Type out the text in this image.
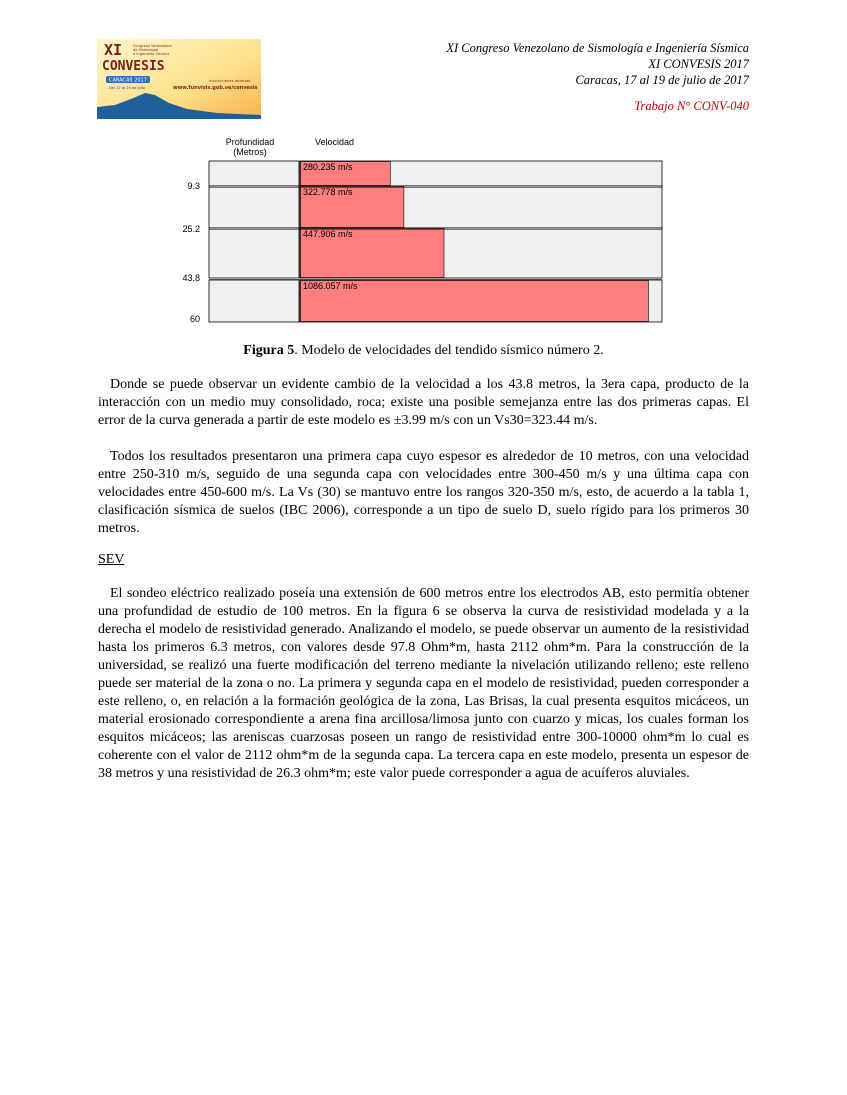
XI
CONVESIS
Congreso Venezolano
de Sismología
e Ingeniería Sísmica
CARACAS 2017
Del 17 al 19 de julio
inscripciones abiertas
www.funvisis.gob.ve/convesis
XI Congreso Venezolano de Sismología e Ingeniería Sísmica
XI CONVESIS 2017
Caracas, 17 al 19 de julio de 2017
Trabajo N° CONV-040
Profundidad
(Metros)
Velocidad
280.235 m/s
322.778 m/s
447.906 m/s
1086.057 m/s
9.3
25.2
43.8
60
Figura 5. Modelo de velocidades del tendido sísmico número 2.

Donde se puede observar un evidente cambio de la velocidad a los 43.8 metros, la 3era capa, producto de la interacción con un medio muy consolidado, roca; existe una posible semejanza entre las dos primeras capas. El error de la curva generada a partir de este modelo es ±3.99 m/s con un Vs30=323.44 m/s.

Todos los resultados presentaron una primera capa cuyo espesor es alrededor de 10 metros, con una velocidad entre 250-310 m/s, seguido de una segunda capa con velocidades entre 300-450 m/s y una última capa con velocidades entre 450-600 m/s. La Vs (30) se mantuvo entre los rangos 320-350 m/s, esto, de acuerdo a la tabla 1, clasificación sísmica de suelos (IBC 2006), corresponde a un tipo de suelo D, suelo rígido para los primeros 30 metros.

SEV

El sondeo eléctrico realizado poseía una extensión de 600 metros entre los electrodos AB, esto permitía obtener una profundidad de estudio de 100 metros. En la figura 6 se observa la curva de resistividad modelada y a la derecha el modelo de resistividad generado. Analizando el modelo, se puede observar un aumento de la resistividad hasta los primeros 6.3 metros, con valores desde 97.8 Ohm*m, hasta 2112 ohm*m. Para la construcción de la universidad, se realizó una fuerte modificación del terreno mediante la nivelación utilizando relleno; este relleno puede ser material de la zona o no. La primera y segunda capa en el modelo de resistividad, pueden corresponder a este relleno, o, en relación a la formación geológica de la zona, Las Brisas, la cual presenta esquitos micáceos, un material erosionado correspondiente a arena fina arcillosa/limosa junto con cuarzo y micas, los cuales forman los esquitos micáceos; las areniscas cuarzosas poseen un rango de resistividad entre 300-10000 ohm*m lo cual es coherente con el valor de 2112 ohm*m de la segunda capa. La tercera capa en este modelo, presenta un espesor de 38 metros y una resistividad de 26.3 ohm*m; este valor puede corresponder a agua de acuíferos aluviales.
